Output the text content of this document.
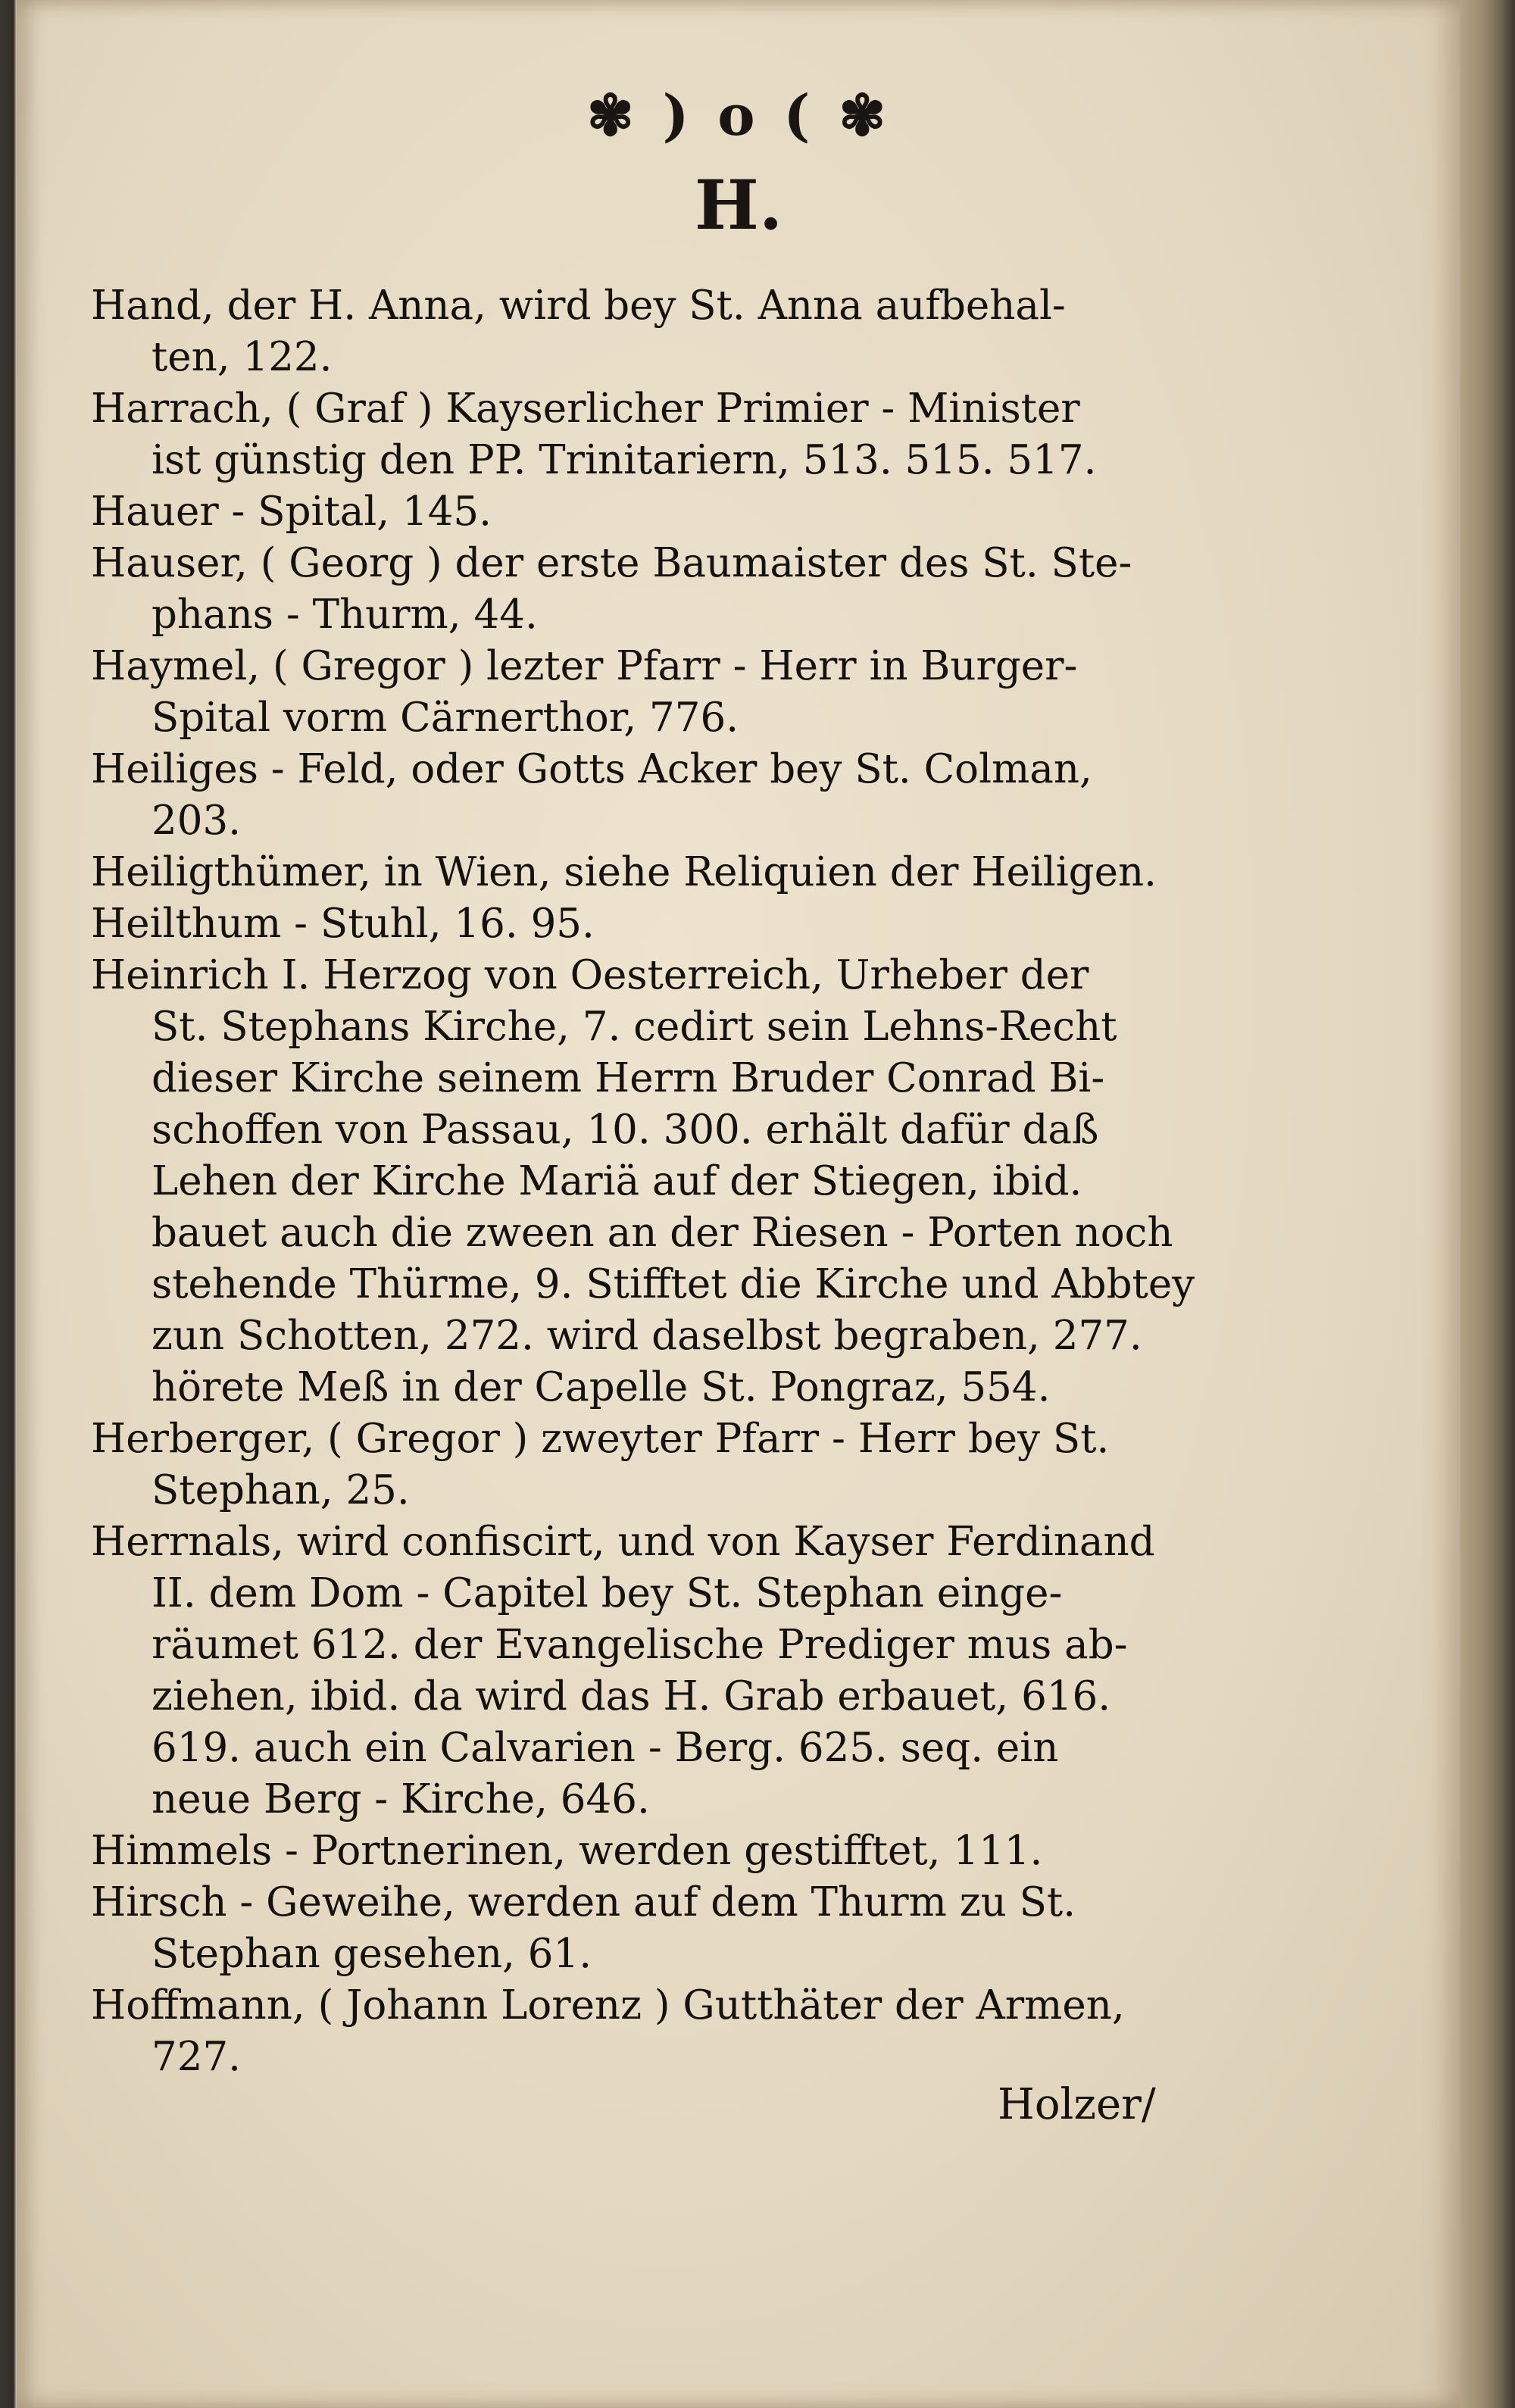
✾ ) o ( ✾
H.
Hand, der H. Anna, wird bey St. Anna aufbehal-
ten, 122.
Harrach, ( Graf ) Kayserlicher Primier - Minister
ist günstig den PP. Trinitariern, 513. 515. 517.
Hauer - Spital, 145.
Hauser, ( Georg ) der erste Baumaister des St. Ste-
phans - Thurm, 44.
Haymel, ( Gregor ) lezter Pfarr - Herr in Burger-
Spital vorm Cärnerthor, 776.
Heiliges - Feld, oder Gotts Acker bey St. Colman,
203.
Heiligthümer, in Wien, siehe Reliquien der Heiligen.
Heilthum - Stuhl, 16. 95.
Heinrich I. Herzog von Oesterreich, Urheber der
St. Stephans Kirche, 7. cedirt sein Lehns-Recht
dieser Kirche seinem Herrn Bruder Conrad Bi-
schoffen von Passau, 10. 300. erhält dafür daß
Lehen der Kirche Mariä auf der Stiegen, ibid.
bauet auch die zween an der Riesen - Porten noch
stehende Thürme, 9. Stifftet die Kirche und Abbtey
zun Schotten, 272. wird daselbst begraben, 277.
hörete Meß in der Capelle St. Pongraz, 554.
Herberger, ( Gregor ) zweyter Pfarr - Herr bey St.
Stephan, 25.
Herrnals, wird confiscirt, und von Kayser Ferdinand
II. dem Dom - Capitel bey St. Stephan einge-
räumet 612. der Evangelische Prediger mus ab-
ziehen, ibid. da wird das H. Grab erbauet, 616.
619. auch ein Calvarien - Berg. 625. seq. ein
neue Berg - Kirche, 646.
Himmels - Portnerinen, werden gestifftet, 111.
Hirsch - Geweihe, werden auf dem Thurm zu St.
Stephan gesehen, 61.
Hoffmann, ( Johann Lorenz ) Gutthäter der Armen,
727.
Holzer/
